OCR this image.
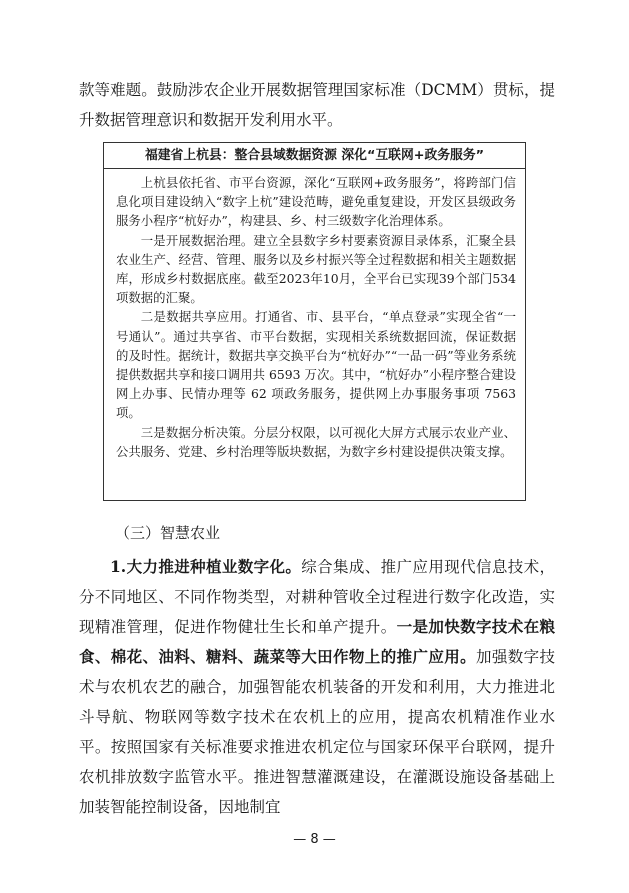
款等难题。鼓励涉农企业开展数据管理国家标准（DCMM）贯标，提升数据管理意识和数据开发利用水平。

福建省上杭县：整合县域数据资源 深化“互联网+政务服务”

上杭县依托省、市平台资源，深化“互联网+政务服务”，将跨部门信息化项目建设纳入“数字上杭”建设范畴，避免重复建设，开发区县级政务服务小程序“杭好办”，构建县、乡、村三级数字化治理体系。

一是开展数据治理。建立全县数字乡村要素资源目录体系，汇聚全县农业生产、经营、管理、服务以及乡村振兴等全过程数据和相关主题数据库，形成乡村数据底座。截至2023年10月，全平台已实现39个部门534项数据的汇聚。

二是数据共享应用。打通省、市、县平台，“单点登录”实现全省“一号通认”。通过共享省、市平台数据，实现相关系统数据回流，保证数据的及时性。据统计，数据共享交换平台为“杭好办”“一品一码”等业务系统提供数据共享和接口调用共 6593 万次。其中，“杭好办”小程序整合建设网上办事、民情办理等 62 项政务服务，提供网上办事服务事项 7563 项。

三是数据分析决策。分层分权限，以可视化大屏方式展示农业产业、公共服务、党建、乡村治理等版块数据，为数字乡村建设提供决策支撑。

（三）智慧农业

1.大力推进种植业数字化。综合集成、推广应用现代信息技术，分不同地区、不同作物类型，对耕种管收全过程进行数字化改造，实现精准管理，促进作物健壮生长和单产提升。一是加快数字技术在粮食、棉花、油料、糖料、蔬菜等大田作物上的推广应用。加强数字技术与农机农艺的融合，加强智能农机装备的开发和利用，大力推进北斗导航、物联网等数字技术在农机上的应用，提高农机精准作业水平。按照国家有关标准要求推进农机定位与国家环保平台联网，提升农机排放数字监管水平。推进智慧灌溉建设，在灌溉设施设备基础上加装智能控制设备，因地制宜

— 8 —
